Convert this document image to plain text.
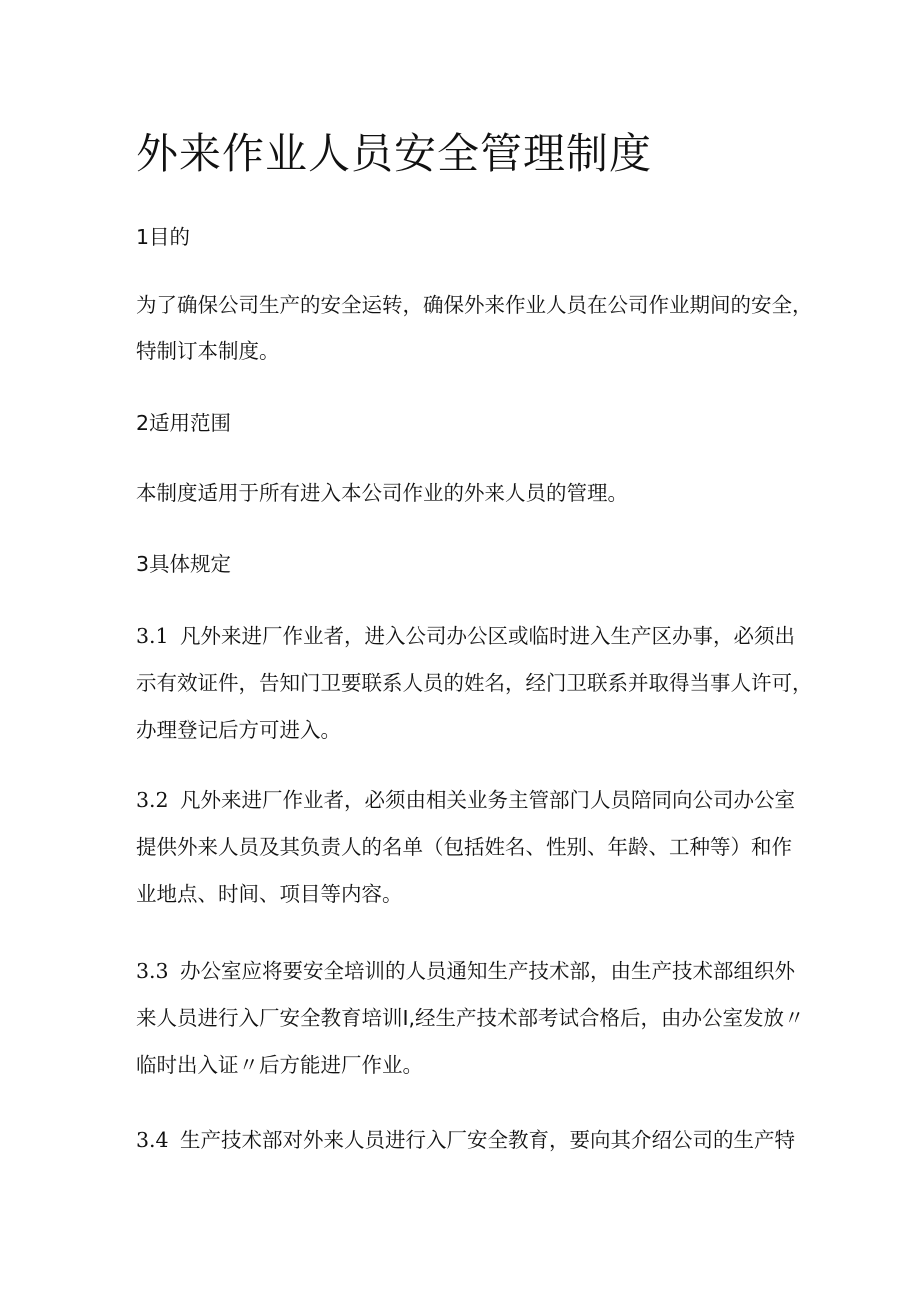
外来作业人员安全管理制度
1目的
为了确保公司生产的安全运转，确保外来作业人员在公司作业期间的安全，
特制订本制度。
2适用范围
本制度适用于所有进入本公司作业的外来人员的管理。
3具体规定
3.1 凡外来进厂作业者，进入公司办公区或临时进入生产区办事，必须出
示有效证件，告知门卫要联系人员的姓名，经门卫联系并取得当事人许可，
办理登记后方可进入。
3.2 凡外来进厂作业者，必须由相关业务主管部门人员陪同向公司办公室
提供外来人员及其负责人的名单（包括姓名、性别、年龄、工种等）和作
业地点、时间、项目等内容。
3.3 办公室应将要安全培训的人员通知生产技术部，由生产技术部组织外
来人员进行入厂安全教育培训I,经生产技术部考试合格后，由办公室发放〃
临时出入证〃后方能进厂作业。
3.4 生产技术部对外来人员进行入厂安全教育，要向其介绍公司的生产特
